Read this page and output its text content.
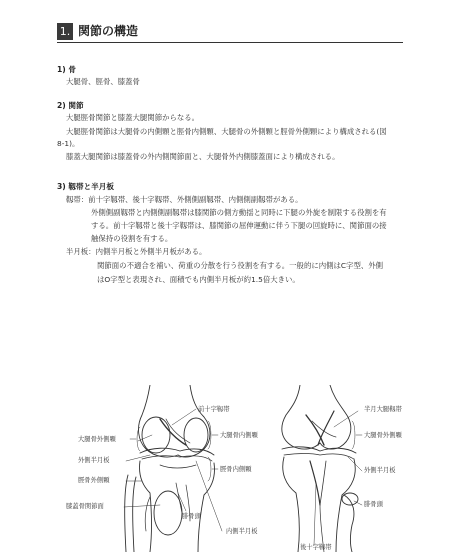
1. 関節の構造
1) 骨
大腿骨、脛骨、膝蓋骨
2) 関節
大腿脛骨関節と膝蓋大腿関節からなる。
大腿脛骨関節は大腿骨の内側顆と脛骨内側顆、大腿骨の外側顆と脛骨外側顆により構成される(図
8-1)。
膝蓋大腿関節は膝蓋骨の外内側関節面と、大腿骨外内側膝蓋面により構成される。
3) 靱帯と半月板
靱帯：前十字靱帯、後十字靱帯、外側側副靱帯、内側側副靱帯がある。
外側側副靱帯と内側側副靱帯は膝関節の側方動揺と同時に下腿の外旋を制限する役割を有
する。前十字靱帯と後十字靱帯は、膝関節の屈伸運動に伴う下腿の回旋時に、関節面の接
触保持の役割を有する。
半月板：内側半月板と外側半月板がある。
関節面の不適合を補い、荷重の分散を行う役割を有する。一般的に内側はC字型、外側
はO字型と表現され、面積でも内側半月板が約1.5倍大きい。
前十字靱帯
大腿骨外側顆
外側半月板
脛骨外側顆
膝蓋骨関節面
大腿骨内側顆
脛骨内側顆
腓骨頭
内側半月板
半月大腿靱帯
大腿骨外側顆
外側半月板
腓骨頭
後十字靱帯
